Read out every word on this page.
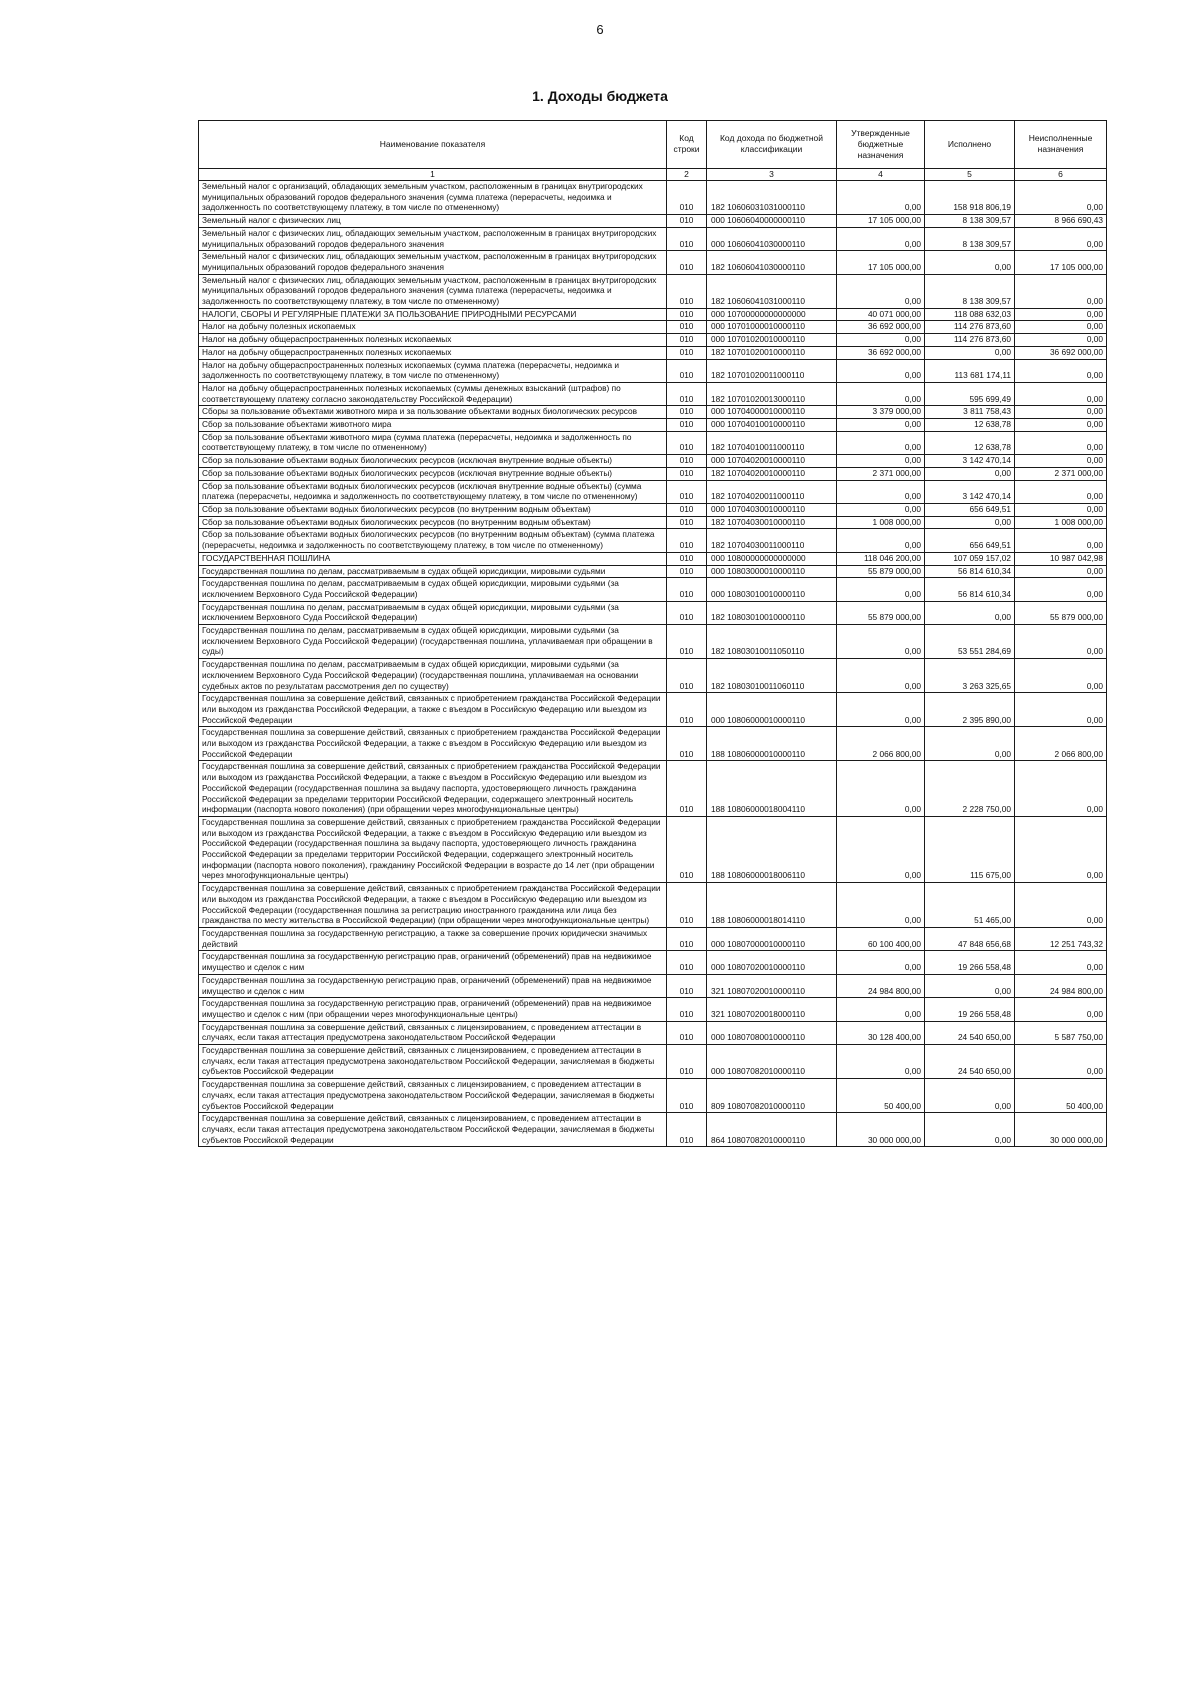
6
1. Доходы бюджета
Наименование показателя	Код строки	Код дохода по бюджетной классификации	Утвержденные бюджетные назначения	Исполнено	Неисполненные назначения
1	2	3	4	5	6
Земельный налог с организаций, обладающих земельным участком, расположенным в границах внутригородских муниципальных образований городов федерального значения (сумма платежа (перерасчеты, недоимка и задолженность по соответствующему платежу, в том числе по отмененному)	010	182 10606031031000110	0,00	158 918 806,19	0,00
Земельный налог с физических лиц	010	000 10606040000000110	17 105 000,00	8 138 309,57	8 966 690,43
Земельный налог с физических лиц, обладающих земельным участком, расположенным в границах внутригородских муниципальных образований городов федерального значения	010	000 10606041030000110	0,00	8 138 309,57	0,00
Земельный налог с физических лиц, обладающих земельным участком, расположенным в границах внутригородских муниципальных образований городов федерального значения	010	182 10606041030000110	17 105 000,00	0,00	17 105 000,00
Земельный налог с физических лиц, обладающих земельным участком, расположенным в границах внутригородских муниципальных образований городов федерального значения (сумма платежа (перерасчеты, недоимка и задолженность по соответствующему платежу, в том числе по отмененному)	010	182 10606041031000110	0,00	8 138 309,57	0,00
НАЛОГИ, СБОРЫ И РЕГУЛЯРНЫЕ ПЛАТЕЖИ ЗА ПОЛЬЗОВАНИЕ ПРИРОДНЫМИ РЕСУРСАМИ	010	000 10700000000000000	40 071 000,00	118 088 632,03	0,00
Налог на добычу полезных ископаемых	010	000 10701000010000110	36 692 000,00	114 276 873,60	0,00
Налог на добычу общераспространенных полезных ископаемых	010	000 10701020010000110	0,00	114 276 873,60	0,00
Налог на добычу общераспространенных полезных ископаемых	010	182 10701020010000110	36 692 000,00	0,00	36 692 000,00
Налог на добычу общераспространенных полезных ископаемых (сумма платежа (перерасчеты, недоимка и задолженность по соответствующему платежу, в том числе по отмененному)	010	182 10701020011000110	0,00	113 681 174,11	0,00
Налог на добычу общераспространенных полезных ископаемых (суммы денежных взысканий (штрафов) по соответствующему платежу согласно законодательству Российской Федерации)	010	182 10701020013000110	0,00	595 699,49	0,00
Сборы за пользование объектами животного мира и за пользование объектами водных биологических ресурсов	010	000 10704000010000110	3 379 000,00	3 811 758,43	0,00
Сбор за пользование объектами животного мира	010	000 10704010010000110	0,00	12 638,78	0,00
Сбор за пользование объектами животного мира (сумма платежа (перерасчеты, недоимка и задолженность по соответствующему платежу, в том числе по отмененному)	010	182 10704010011000110	0,00	12 638,78	0,00
Сбор за пользование объектами водных биологических ресурсов (исключая внутренние водные объекты)	010	000 10704020010000110	0,00	3 142 470,14	0,00
Сбор за пользование объектами водных биологических ресурсов (исключая внутренние водные объекты)	010	182 10704020010000110	2 371 000,00	0,00	2 371 000,00
Сбор за пользование объектами водных биологических ресурсов (исключая внутренние водные объекты) (сумма платежа (перерасчеты, недоимка и задолженность по соответствующему платежу, в том числе по отмененному)	010	182 10704020011000110	0,00	3 142 470,14	0,00
Сбор за пользование объектами водных биологических ресурсов (по внутренним водным объектам)	010	000 10704030010000110	0,00	656 649,51	0,00
Сбор за пользование объектами водных биологических ресурсов (по внутренним водным объектам)	010	182 10704030010000110	1 008 000,00	0,00	1 008 000,00
Сбор за пользование объектами водных биологических ресурсов (по внутренним водным объектам) (сумма платежа (перерасчеты, недоимка и задолженность по соответствующему платежу, в том числе по отмененному)	010	182 10704030011000110	0,00	656 649,51	0,00
ГОСУДАРСТВЕННАЯ ПОШЛИНА	010	000 10800000000000000	118 046 200,00	107 059 157,02	10 987 042,98
Государственная пошлина по делам, рассматриваемым в судах общей юрисдикции, мировыми судьями	010	000 10803000010000110	55 879 000,00	56 814 610,34	0,00
Государственная пошлина по делам, рассматриваемым в судах общей юрисдикции, мировыми судьями (за исключением Верховного Суда Российской Федерации)	010	000 10803010010000110	0,00	56 814 610,34	0,00
Государственная пошлина по делам, рассматриваемым в судах общей юрисдикции, мировыми судьями (за исключением Верховного Суда Российской Федерации)	010	182 10803010010000110	55 879 000,00	0,00	55 879 000,00
Государственная пошлина по делам, рассматриваемым в судах общей юрисдикции, мировыми судьями (за исключением Верховного Суда Российской Федерации) (государственная пошлина, уплачиваемая при обращении в суды)	010	182 10803010011050110	0,00	53 551 284,69	0,00
Государственная пошлина по делам, рассматриваемым в судах общей юрисдикции, мировыми судьями (за исключением Верховного Суда Российской Федерации) (государственная пошлина, уплачиваемая на основании судебных актов по результатам рассмотрения дел по существу)	010	182 10803010011060110	0,00	3 263 325,65	0,00
Государственная пошлина за совершение действий, связанных с приобретением гражданства Российской Федерации или выходом из гражданства Российской Федерации, а также с въездом в Российскую Федерацию или выездом из Российской Федерации	010	000 10806000010000110	0,00	2 395 890,00	0,00
Государственная пошлина за совершение действий, связанных с приобретением гражданства Российской Федерации или выходом из гражданства Российской Федерации, а также с въездом в Российскую Федерацию или выездом из Российской Федерации	010	188 10806000010000110	2 066 800,00	0,00	2 066 800,00
Государственная пошлина за совершение действий, связанных с приобретением гражданства Российской Федерации или выходом из гражданства Российской Федерации, а также с въездом в Российскую Федерацию или выездом из Российской Федерации (государственная пошлина за выдачу паспорта, удостоверяющего личность гражданина Российской Федерации за пределами территории Российской Федерации, содержащего электронный носитель информации (паспорта нового поколения) (при обращении через многофункциональные центры)	010	188 10806000018004110	0,00	2 228 750,00	0,00
Государственная пошлина за совершение действий, связанных с приобретением гражданства Российской Федерации или выходом из гражданства Российской Федерации, а также с въездом в Российскую Федерацию или выездом из Российской Федерации (государственная пошлина за выдачу паспорта, удостоверяющего личность гражданина Российской Федерации за пределами территории Российской Федерации, содержащего электронный носитель информации (паспорта нового поколения), гражданину Российской Федерации в возрасте до 14 лет (при обращении через многофункциональные центры)	010	188 10806000018006110	0,00	115 675,00	0,00
Государственная пошлина за совершение действий, связанных с приобретением гражданства Российской Федерации или выходом из гражданства Российской Федерации, а также с въездом в Российскую Федерацию или выездом из Российской Федерации (государственная пошлина за регистрацию иностранного гражданина или лица без гражданства по месту жительства в Российской Федерации) (при обращении через многофункциональные центры)	010	188 10806000018014110	0,00	51 465,00	0,00
Государственная пошлина за государственную регистрацию, а также за совершение прочих юридически значимых действий	010	000 10807000010000110	60 100 400,00	47 848 656,68	12 251 743,32
Государственная пошлина за государственную регистрацию прав, ограничений (обременений) прав на недвижимое имущество и сделок с ним	010	000 10807020010000110	0,00	19 266 558,48	0,00
Государственная пошлина за государственную регистрацию прав, ограничений (обременений) прав на недвижимое имущество и сделок с ним	010	321 10807020010000110	24 984 800,00	0,00	24 984 800,00
Государственная пошлина за государственную регистрацию прав, ограничений (обременений) прав на недвижимое имущество и сделок с ним (при обращении через многофункциональные центры)	010	321 10807020018000110	0,00	19 266 558,48	0,00
Государственная пошлина за совершение действий, связанных с лицензированием, с проведением аттестации в случаях, если такая аттестация предусмотрена законодательством Российской Федерации	010	000 10807080010000110	30 128 400,00	24 540 650,00	5 587 750,00
Государственная пошлина за совершение действий, связанных с лицензированием, с проведением аттестации в случаях, если такая аттестация предусмотрена законодательством Российской Федерации, зачисляемая в бюджеты субъектов Российской Федерации	010	000 10807082010000110	0,00	24 540 650,00	0,00
Государственная пошлина за совершение действий, связанных с лицензированием, с проведением аттестации в случаях, если такая аттестация предусмотрена законодательством Российской Федерации, зачисляемая в бюджеты субъектов Российской Федерации	010	809 10807082010000110	50 400,00	0,00	50 400,00
Государственная пошлина за совершение действий, связанных с лицензированием, с проведением аттестации в случаях, если такая аттестация предусмотрена законодательством Российской Федерации, зачисляемая в бюджеты субъектов Российской Федерации	010	864 10807082010000110	30 000 000,00	0,00	30 000 000,00
